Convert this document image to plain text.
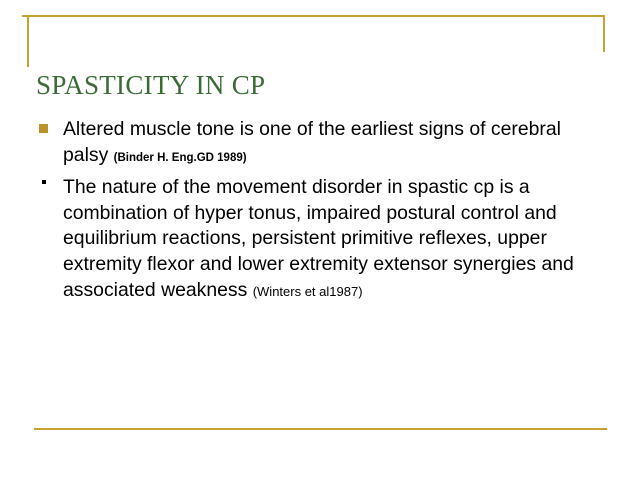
SPASTICITY IN CP
Altered muscle tone is one of the earliest signs of cerebral palsy (Binder H. Eng.GD 1989)
The nature of the movement disorder in spastic cp is a combination of hyper tonus, impaired postural control and equilibrium reactions, persistent primitive reflexes, upper extremity flexor and lower extremity extensor synergies and associated weakness (Winters et al1987)
